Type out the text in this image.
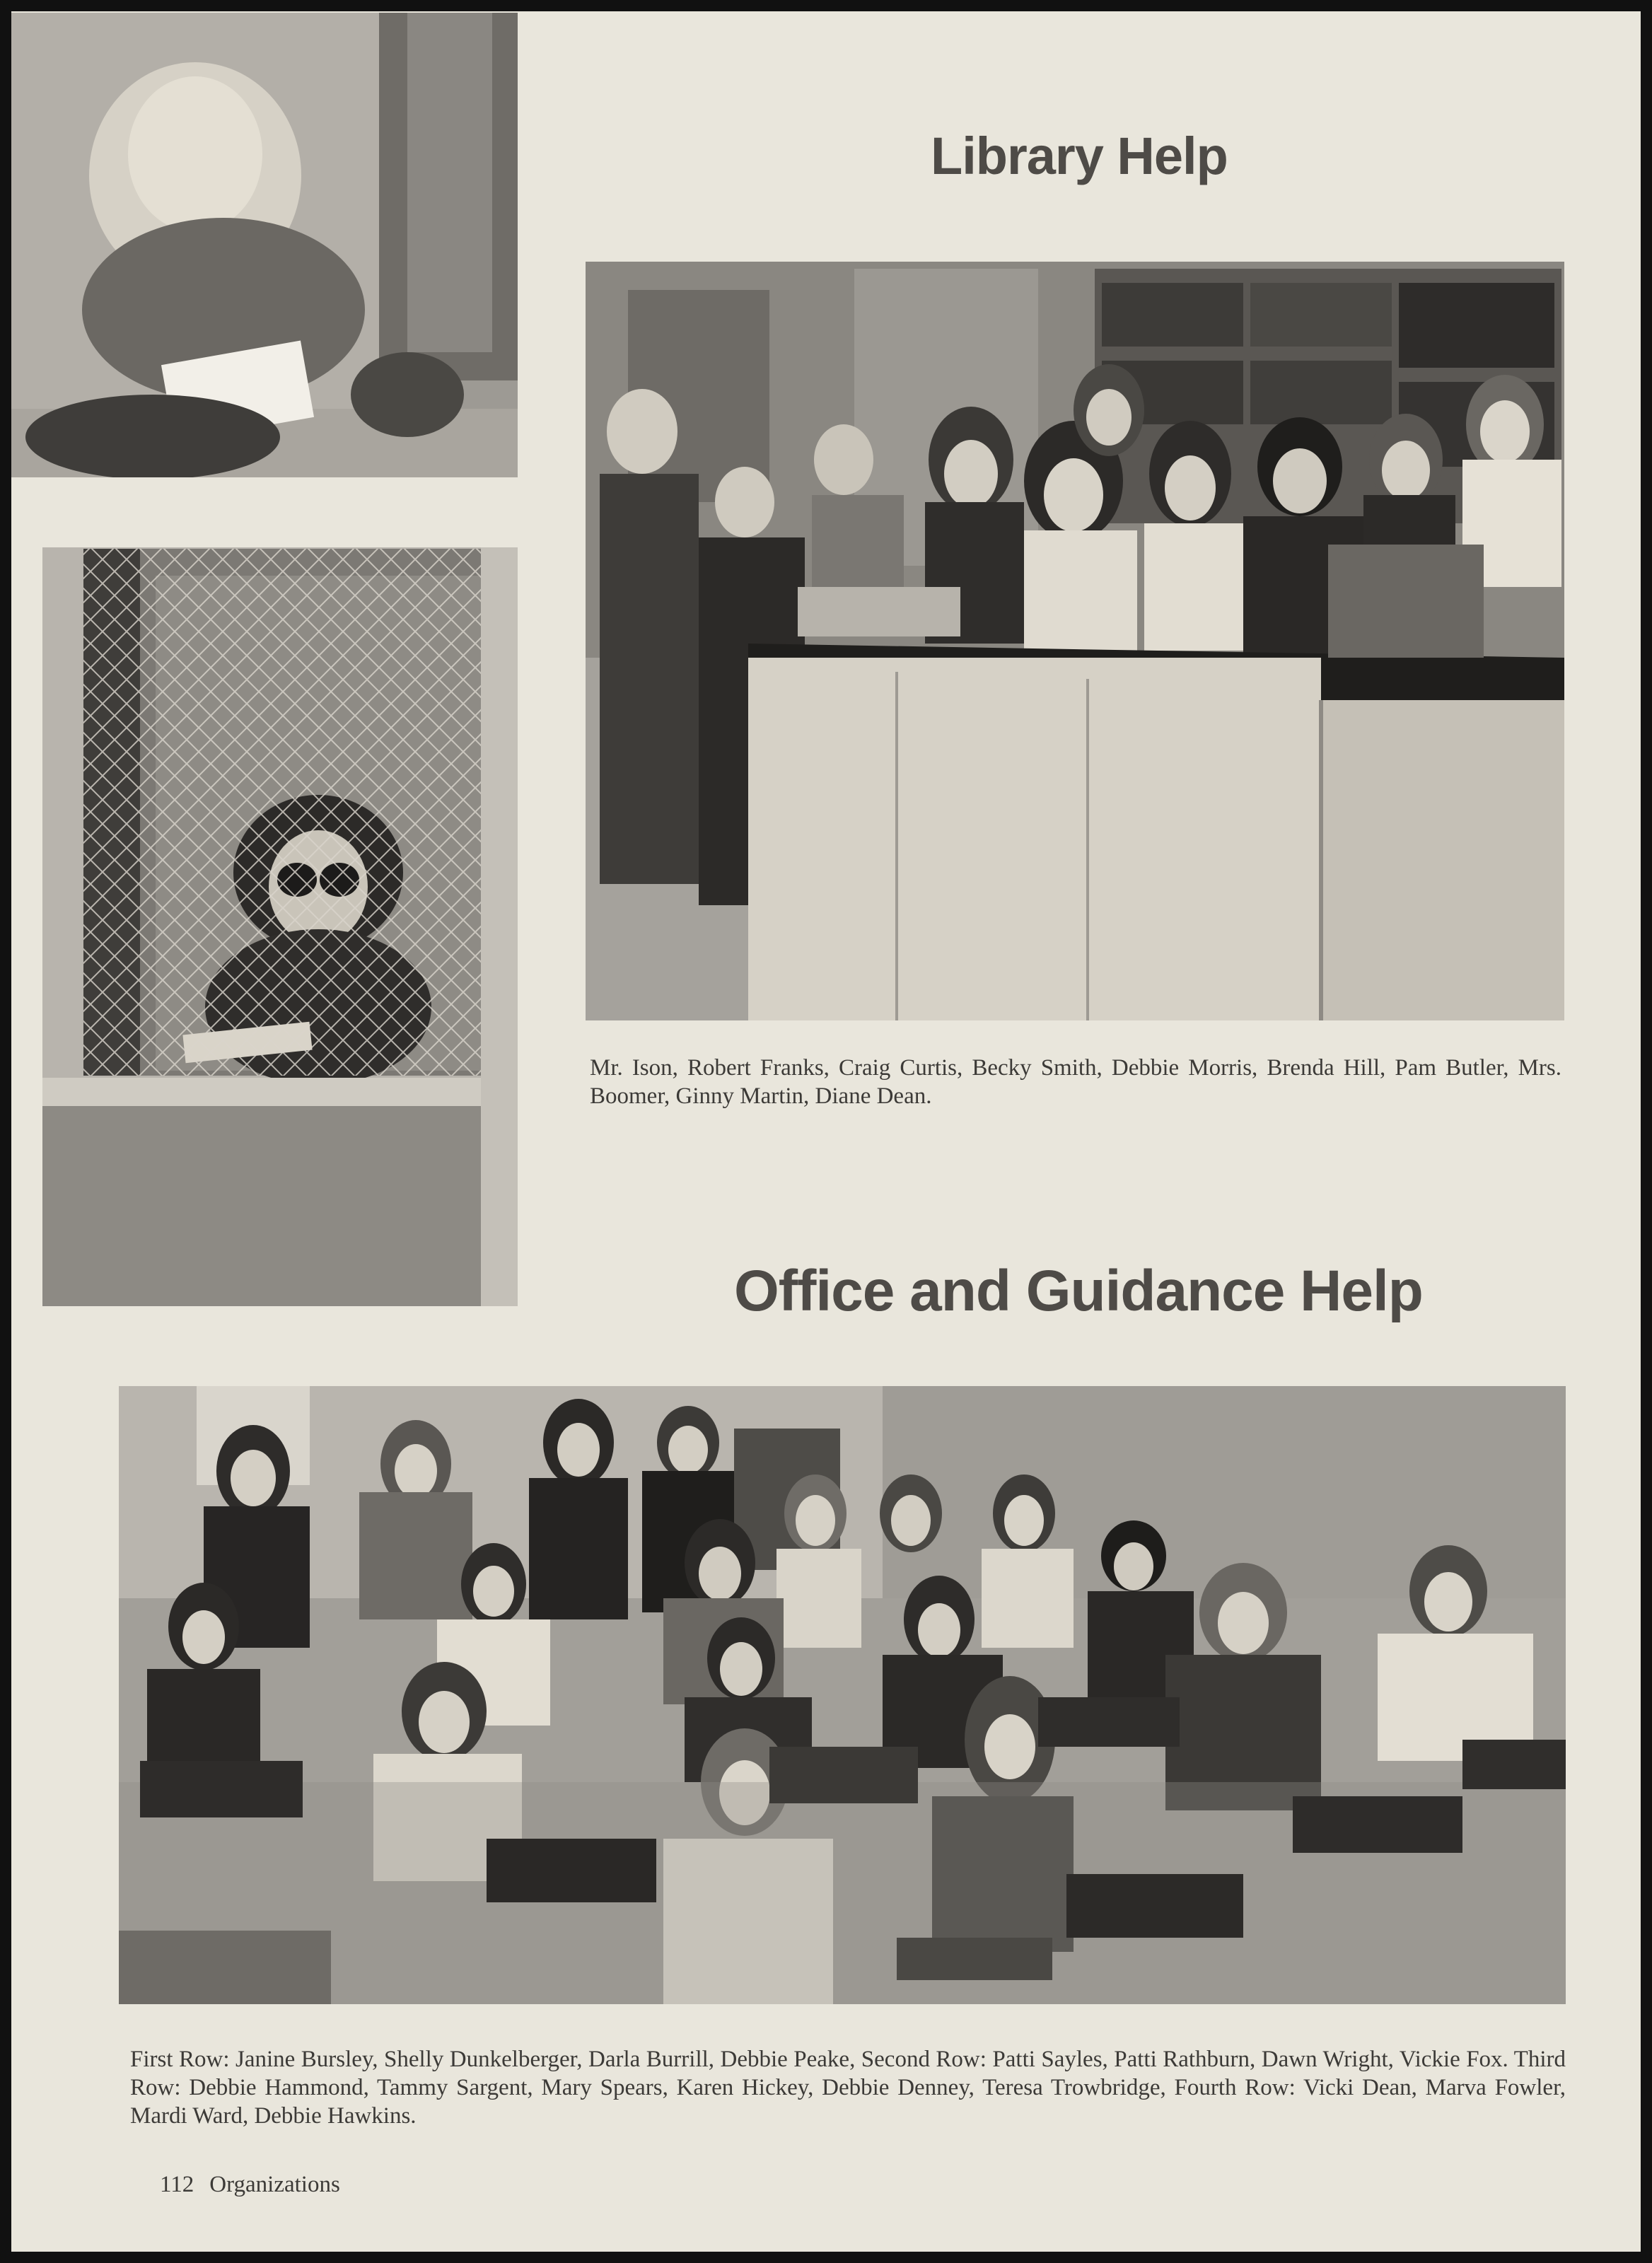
Library Help

Mr. Ison, Robert Franks, Craig Curtis, Becky Smith, Debbie Morris, Brenda Hill, Pam Butler, Mrs. Boomer, Ginny Martin, Diane Dean.

Office and Guidance Help

First Row: Janine Bursley, Shelly Dunkelberger, Darla Burrill, Debbie Peake, Second Row: Patti Sayles, Patti Rathburn, Dawn Wright, Vickie Fox. Third Row: Debbie Hammond, Tammy Sargent, Mary Spears, Karen Hickey, Debbie Denney, Teresa Trowbridge, Fourth Row: Vicki Dean, Marva Fowler, Mardi Ward, Debbie Hawkins.

112 Organizations
